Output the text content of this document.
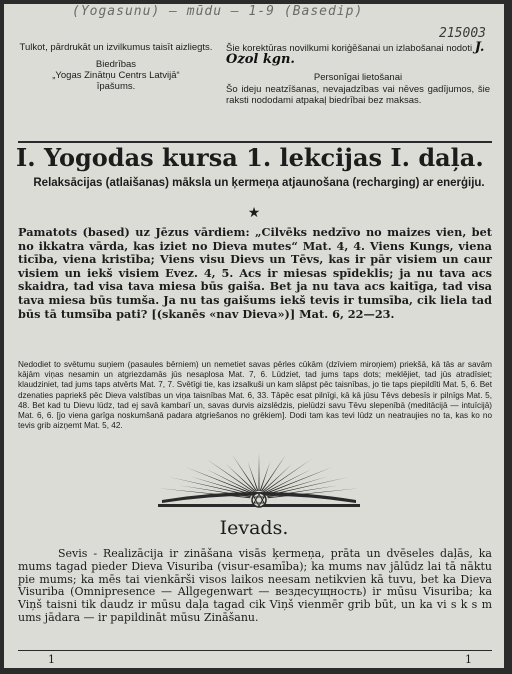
(Yogasunu) — mūdu — 1-9 (Basedip)
215003

Tulkot, pārdrukāt un izvilkumus taisīt aizliegts.

Biedrības

„Yogas Zinātņu Centrs Latvijā“

īpašums.

Šie korektūras novilkumi koriģēšanai un izlabošanai nodoti J. Ozol kgn.

Personīgai lietošanai

Šo ideju neatzīšanas, nevajadzības vai nēves gadījumos, šie raksti nododami atpakaļ biedrībai bez maksas.

I. Yogodas kursa 1. lekcijas I. daļa.

Relaksācijas (atlaišanas) māksla un ķermeņa atjaunošana (recharging) ar enerģiju.

★

Pamatots (based) uz Jēzus vārdiem: „Cilvēks nedzīvo no maizes vien, bet no ikkatra vārda, kas iziet no Dieva mutes“ Mat. 4, 4. Viens Kungs, viena ticība, viena kristība; Viens visu Dievs un Tēvs, kas ir pār visiem un caur visiem un iekš visiem Evez. 4, 5. Acs ir miesas spīdeklis; ja nu tava acs skaidra, tad visa tava miesa būs gaiša. Bet ja nu tava acs kaitīga, tad visa tava miesa būs tumša. Ja nu tas gaišums iekš tevis ir tumsība, cik liela tad būs tā tumsība pati? [(skanēs «nav Dieva»)] Mat. 6, 22—23.

Nedodiet to svētumu suņiem (pasaules bērniem) un nemetiet savas pērles cūkām (dzīviem miroņiem) priekšā, kā tās ar savām kājām viņas nesamin un atgriezdamās jūs nesaplosa Mat. 7, 6. Lūdziet, tad jums taps dots; meklējiet, tad jūs atradīsiet; klaudziniet, tad jums taps atvērts Mat. 7, 7. Svētīgi tie, kas izsalkuši un kam slāpst pēc taisnības, jo tie taps piepildīti Mat. 5, 6. Bet dzenaties papriekš pēc Dieva valstības un viņa taisnības Mat. 6, 33. Tāpēc esat pilnīgi, kā kā jūsu Tēvs debesīs ir pilnīgs Mat. 5, 48. Bet kad tu Dievu lūdz, tad ej savā kambarī un, savas durvis aizslēdzis, pielūdzi savu Tēvu slepenībā (meditācijā — intuīcijā) Mat. 6, 6. [jo viena garīga noskumšanā padara atgriešanos no grēkiem]. Dodi tam kas tevi lūdz un neatraujies no ta, kas ko no tevis grib aizņemt Mat. 5, 42.

Ievads.

Sevis - Realizācija ir zināšana visās ķermeņa, prāta un dvēseles daļās, ka mums tagad pieder Dieva Visuriba (visur-esamība); ka mums nav jālūdz lai tā nāktu pie mums; ka mēs tai vienkārši visos laikos neesam netikvien kā tuvu, bet ka Dieva Visuriba (Omnipresence — Allgegenwart — вездесущность) ir mūsu Visuriba; ka Viņš taisni tik daudz ir mūsu daļa tagad cik Viņš vienmēr grib būt, un ka vi s k s m ums jādara — ir papildināt mūsu Zināšanu.

1	1
